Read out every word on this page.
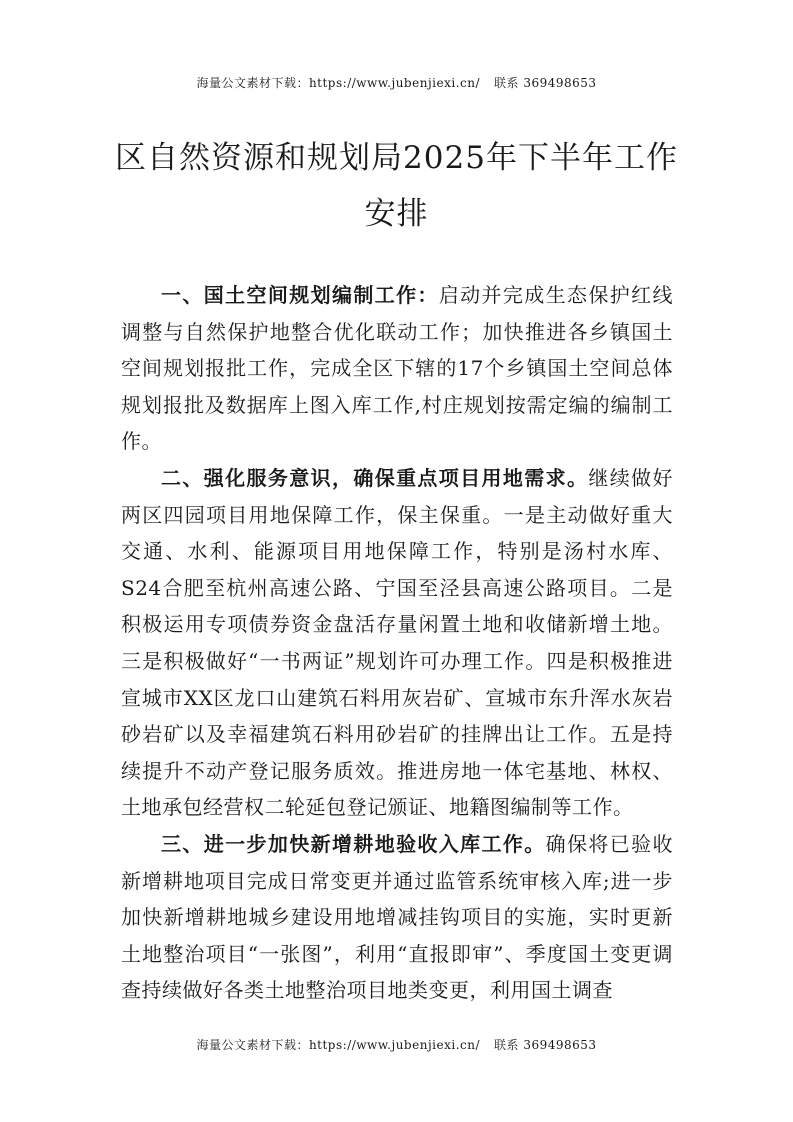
海量公文素材下载：https://www.jubenjiexi.cn/ 联系 369498653
区自然资源和规划局2025年下半年工作安排

一、国土空间规划编制工作：启动并完成生态保护红线调整与自然保护地整合优化联动工作；加快推进各乡镇国土空间规划报批工作，完成全区下辖的17个乡镇国土空间总体规划报批及数据库上图入库工作,村庄规划按需定编的编制工作。

二、强化服务意识，确保重点项目用地需求。继续做好两区四园项目用地保障工作，保主保重。一是主动做好重大交通、水利、能源项目用地保障工作，特别是汤村水库、S24合肥至杭州高速公路、宁国至泾县高速公路项目。二是积极运用专项债券资金盘活存量闲置土地和收储新增土地。三是积极做好“一书两证”规划许可办理工作。四是积极推进宣城市XX区龙口山建筑石料用灰岩矿、宣城市东升浑水灰岩砂岩矿以及幸福建筑石料用砂岩矿的挂牌出让工作。五是持续提升不动产登记服务质效。推进房地一体宅基地、林权、土地承包经营权二轮延包登记颁证、地籍图编制等工作。

三、进一步加快新增耕地验收入库工作。确保将已验收新增耕地项目完成日常变更并通过监管系统审核入库;进一步加快新增耕地城乡建设用地增减挂钩项目的实施，实时更新土地整治项目“一张图”，利用“直报即审”、季度国土变更调查持续做好各类土地整治项目地类变更，利用国土调查

海量公文素材下载：https://www.jubenjiexi.cn/ 联系 369498653
